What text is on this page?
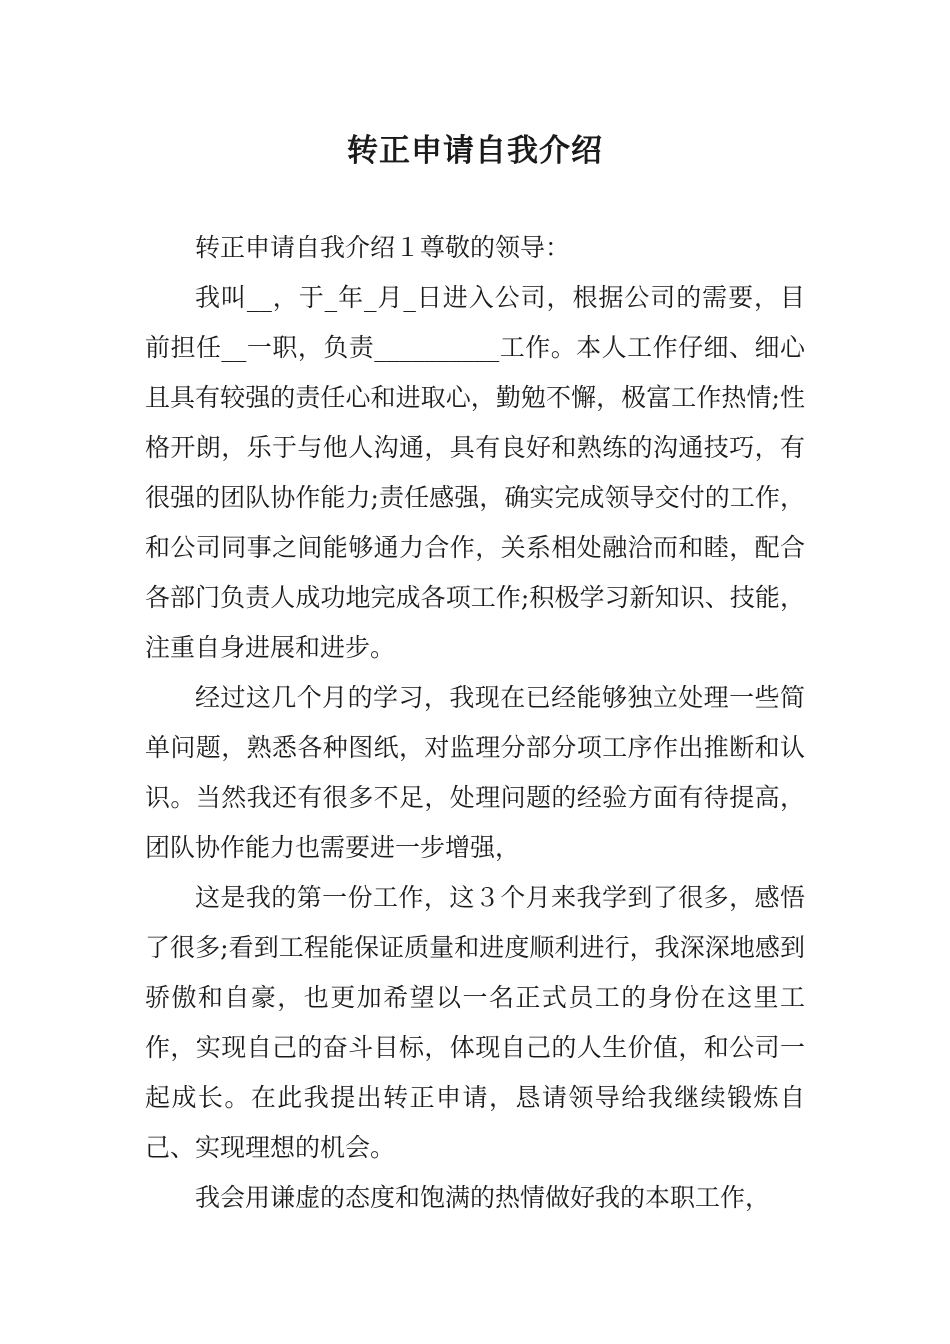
转正申请自我介绍

转正申请自我介绍１尊敬的领导：

我叫__，于_年_月_日进入公司，根据公司的需要，目前担任__一职，负责__________工作。本人工作仔细、细心且具有较强的责任心和进取心，勤勉不懈，极富工作热情;性格开朗，乐于与他人沟通，具有良好和熟练的沟通技巧，有很强的团队协作能力;责任感强，确实完成领导交付的工作，和公司同事之间能够通力合作，关系相处融洽而和睦，配合各部门负责人成功地完成各项工作;积极学习新知识、技能，注重自身进展和进步。

经过这几个月的学习，我现在已经能够独立处理一些简单问题，熟悉各种图纸，对监理分部分项工序作出推断和认识。当然我还有很多不足，处理问题的经验方面有待提高，团队协作能力也需要进一步增强，

这是我的第一份工作，这３个月来我学到了很多，感悟了很多;看到工程能保证质量和进度顺利进行，我深深地感到骄傲和自豪，也更加希望以一名正式员工的身份在这里工作，实现自己的奋斗目标，体现自己的人生价值，和公司一起成长。在此我提出转正申请，恳请领导给我继续锻炼自己、实现理想的机会。

我会用谦虚的态度和饱满的热情做好我的本职工作，
